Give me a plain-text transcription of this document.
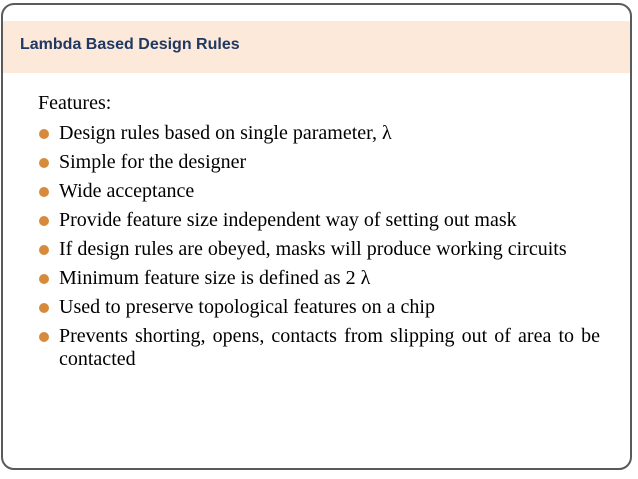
Lambda Based Design Rules
Features:
Design rules based on single parameter, λ
Simple for the designer
Wide acceptance
Provide feature size independent way of setting out mask
If design rules are obeyed, masks will produce working circuits
Minimum feature size is defined as 2 λ
Used to preserve topological features on a chip
Prevents shorting, opens, contacts from slipping out of area to be contacted
